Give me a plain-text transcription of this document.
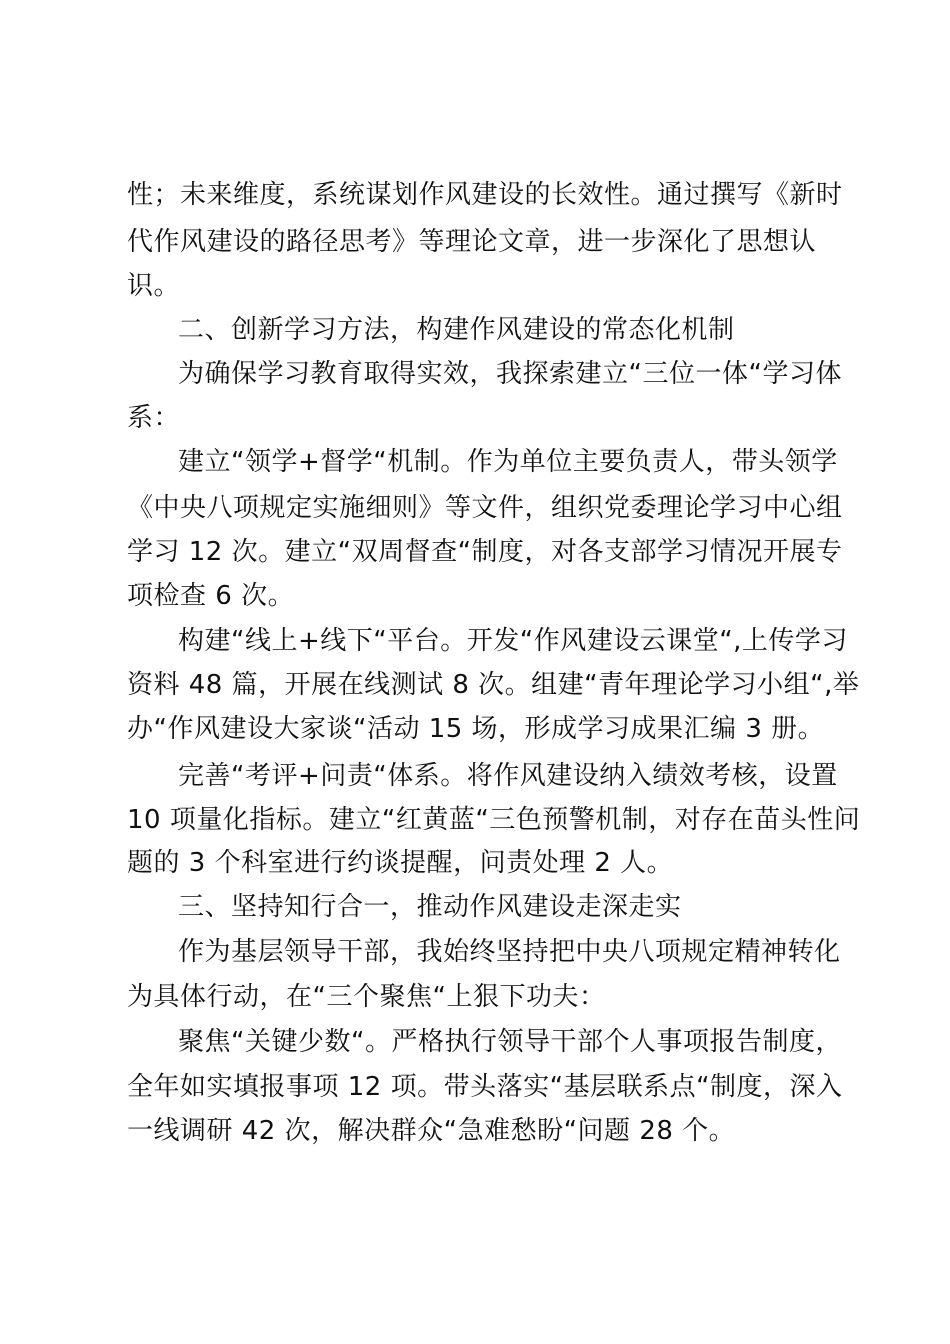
性；未来维度，系统谋划作风建设的长效性。通过撰写《新时
代作风建设的路径思考》等理论文章，进一步深化了思想认
识。
二、创新学习方法，构建作风建设的常态化机制
为确保学习教育取得实效，我探索建立“三位一体“学习体
系：
建立“领学+督学“机制。作为单位主要负责人，带头领学
《中央八项规定实施细则》等文件，组织党委理论学习中心组
学习 12 次。建立“双周督查“制度，对各支部学习情况开展专
项检查 6 次。
构建“线上+线下“平台。开发“作风建设云课堂“,上传学习
资料 48 篇，开展在线测试 8 次。组建“青年理论学习小组“,举
办“作风建设大家谈“活动 15 场，形成学习成果汇编 3 册。
完善“考评+问责“体系。将作风建设纳入绩效考核，设置
10 项量化指标。建立“红黄蓝“三色预警机制，对存在苗头性问
题的 3 个科室进行约谈提醒，问责处理 2 人。
三、坚持知行合一，推动作风建设走深走实
作为基层领导干部，我始终坚持把中央八项规定精神转化
为具体行动，在“三个聚焦“上狠下功夫：
聚焦“关键少数“。严格执行领导干部个人事项报告制度，
全年如实填报事项 12 项。带头落实“基层联系点“制度，深入
一线调研 42 次，解决群众“急难愁盼“问题 28 个。
